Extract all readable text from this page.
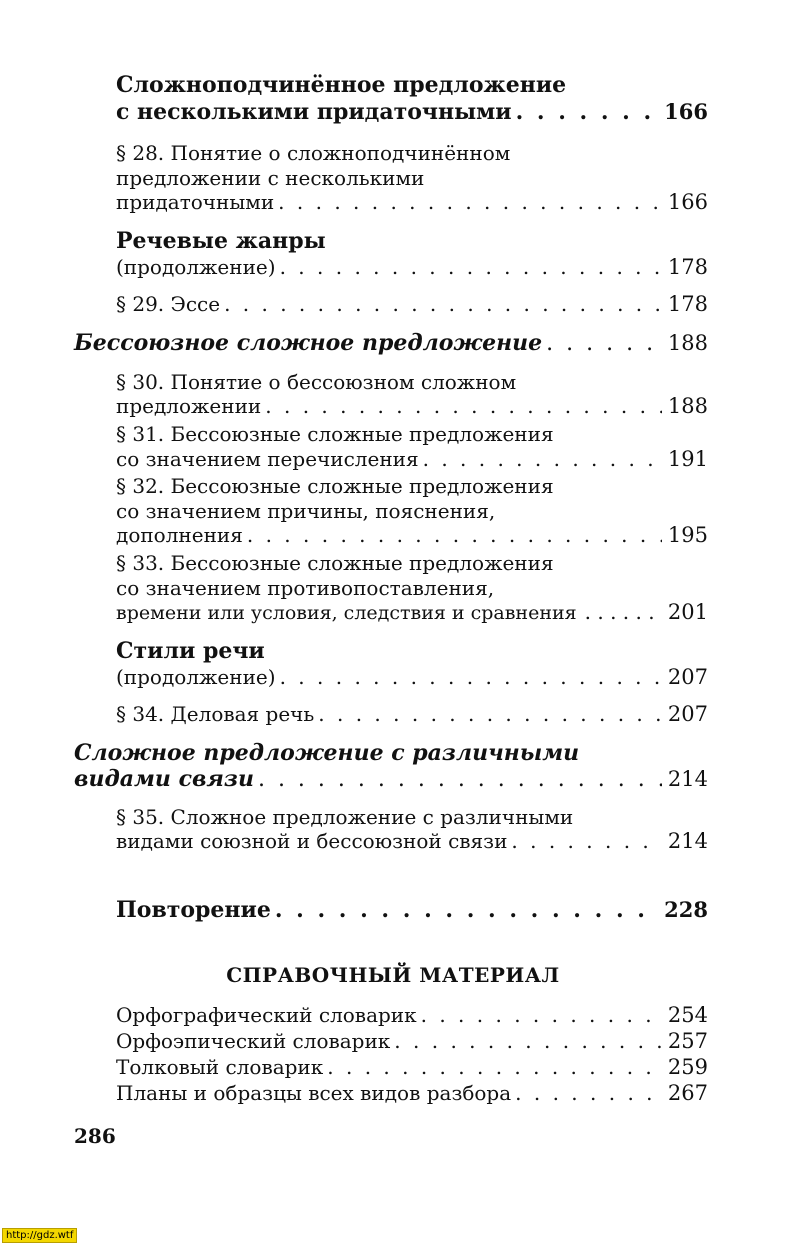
Сложноподчинённое предложение
с несколькими придаточными . . .	166
§ 28. Понятие о сложноподчинённом
предложении с несколькими
придаточными . . .	166
Речевые жанры
(продолжение) . . .	178
§ 29. Эссе . . .	178
Бессоюзное сложное предложение . . .	188
§ 30. Понятие о бессоюзном сложном
предложении . . .	188
§ 31. Бессоюзные сложные предложения
со значением перечисления . . .	191
§ 32. Бессоюзные сложные предложения
со значением причины, пояснения,
дополнения . . .	195
§ 33. Бессоюзные сложные предложения
со значением противопоставления,
времени или условия, следствия и сравнения . . .	201
Стили речи
(продолжение) . . .	207
§ 34. Деловая речь . . .	207
Сложное предложение с различными
видами связи . . .	214
§ 35. Сложное предложение с различными
видами союзной и бессоюзной связи . . .	214
Повторение . . .	228
СПРАВОЧНЫЙ МАТЕРИАЛ
Орфографический словарик . . .	254
Орфоэпический словарик . . .	257
Толковый словарик . . .	259
Планы и образцы всех видов разбора . . .	267
286
http://gdz.wtf
